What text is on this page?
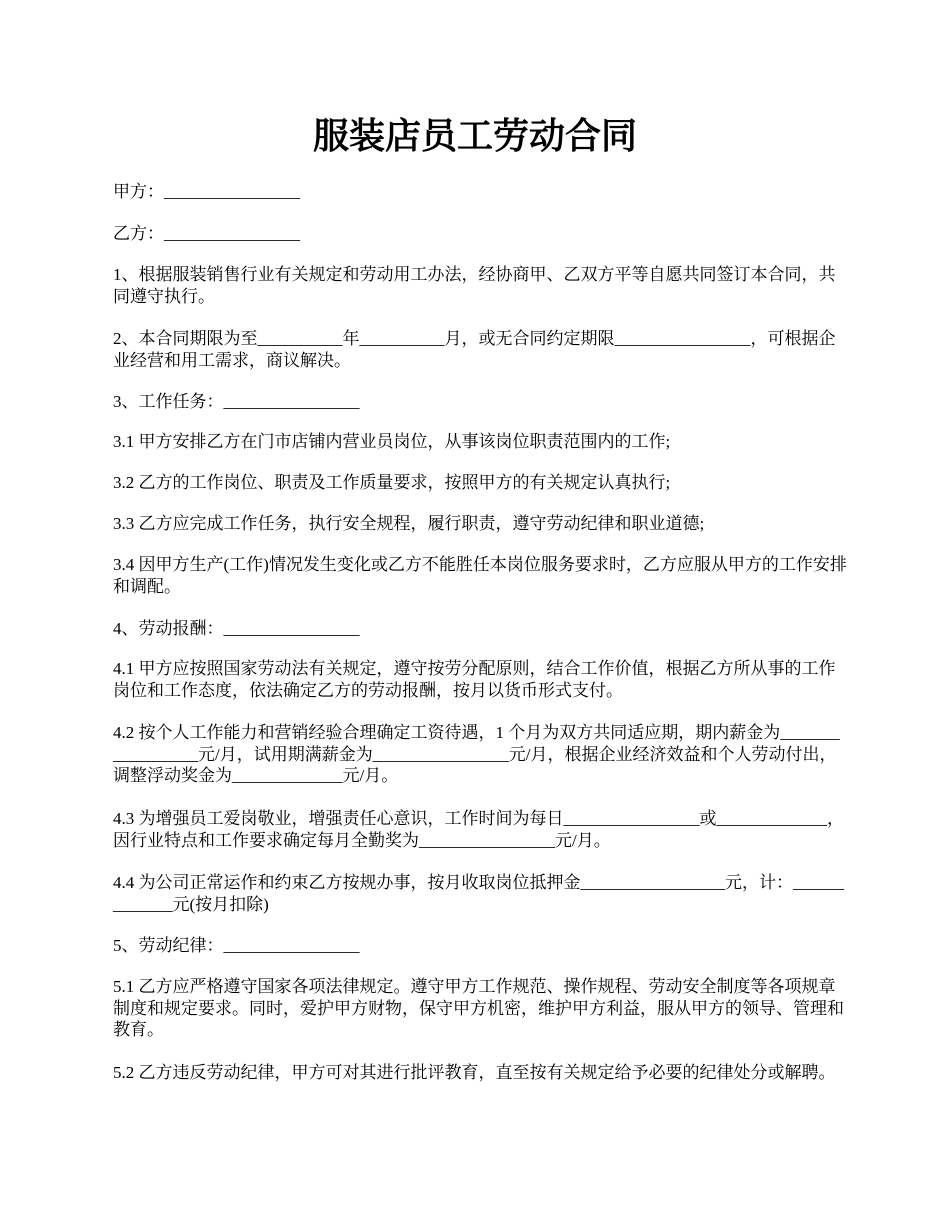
服装店员工劳动合同

甲方：________________

乙方：________________

1、根据服装销售行业有关规定和劳动用工办法，经协商甲、乙双方平等自愿共同签订本合同，共同遵守执行。

2、本合同期限为至__________年__________月，或无合同约定期限________________，可根据企业经营和用工需求，商议解决。

3、工作任务：________________

3.1 甲方安排乙方在门市店铺内营业员岗位，从事该岗位职责范围内的工作;

3.2 乙方的工作岗位、职责及工作质量要求，按照甲方的有关规定认真执行;

3.3 乙方应完成工作任务，执行安全规程，履行职责，遵守劳动纪律和职业道德;

3.4 因甲方生产(工作)情况发生变化或乙方不能胜任本岗位服务要求时，乙方应服从甲方的工作安排和调配。

4、劳动报酬：________________

4.1 甲方应按照国家劳动法有关规定，遵守按劳分配原则，结合工作价值，根据乙方所从事的工作岗位和工作态度，依法确定乙方的劳动报酬，按月以货币形式支付。

4.2 按个人工作能力和营销经验合理确定工资待遇，1 个月为双方共同适应期，期内薪金为_________________元/月，试用期满薪金为________________元/月，根据企业经济效益和个人劳动付出，调整浮动奖金为_____________元/月。

4.3 为增强员工爱岗敬业，增强责任心意识，工作时间为每日________________或_____________，因行业特点和工作要求确定每月全勤奖为________________元/月。

4.4 为公司正常运作和约束乙方按规办事，按月收取岗位抵押金_________________元，计：_____________元(按月扣除)

5、劳动纪律：________________

5.1 乙方应严格遵守国家各项法律规定。遵守甲方工作规范、操作规程、劳动安全制度等各项规章制度和规定要求。同时，爱护甲方财物，保守甲方机密，维护甲方利益，服从甲方的领导、管理和教育。

5.2 乙方违反劳动纪律，甲方可对其进行批评教育，直至按有关规定给予必要的纪律处分或解聘。
